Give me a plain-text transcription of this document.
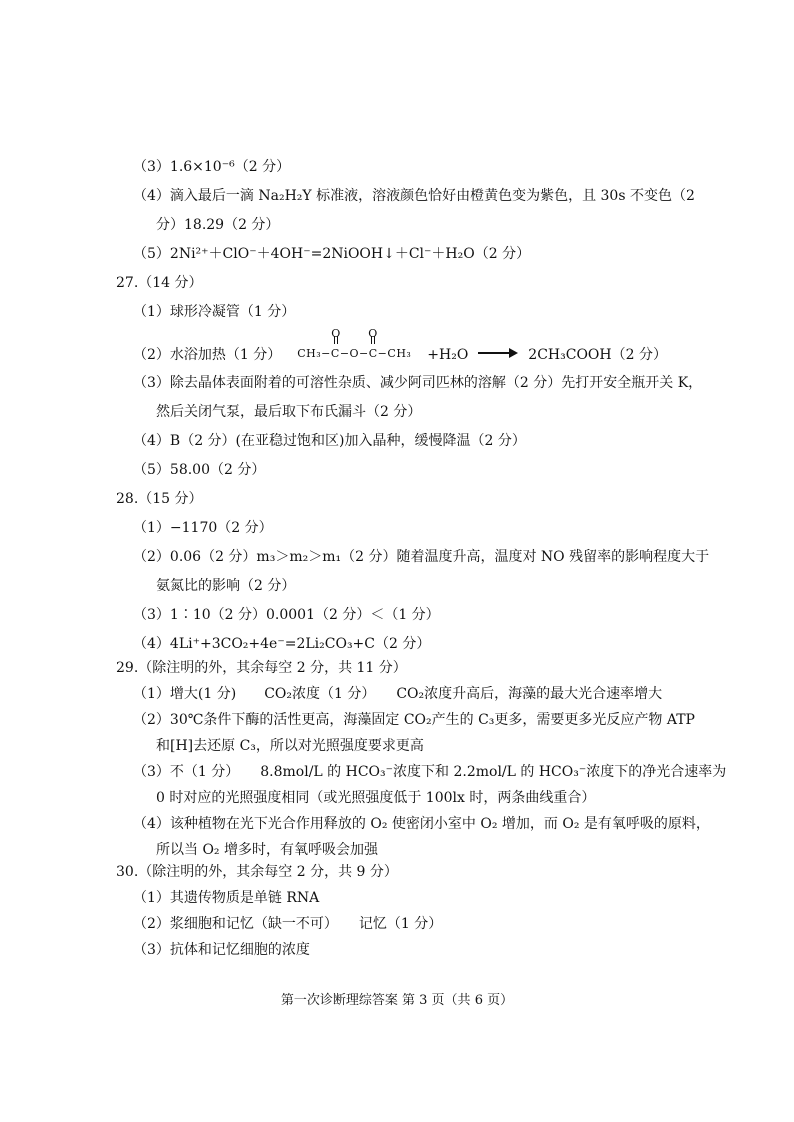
（3）1.6×10⁻⁶（2 分）
（4）滴入最后一滴 Na₂H₂Y 标准液，溶液颜色恰好由橙黄色变为紫色，且 30s 不变色（2
分）18.29（2 分）
（5）2Ni²⁺＋ClO⁻＋4OH⁻=2NiOOH↓＋Cl⁻＋H₂O（2 分）
27.（14 分）
（1）球形冷凝管（1 分）
（2）水浴加热（1 分）
O	O
CH₃−C−O−C−CH₃ +H₂O	2CH₃COOH（2 分）
（3）除去晶体表面附着的可溶性杂质、减少阿司匹林的溶解（2 分）先打开安全瓶开关 K，
然后关闭气泵，最后取下布氏漏斗（2 分）
（4）B（2 分）(在亚稳过饱和区)加入晶种，缓慢降温（2 分）
（5）58.00（2 分）
28.（15 分）
（1）−1170（2 分）
（2）0.06（2 分）m₃＞m₂＞m₁（2 分）随着温度升高，温度对 NO 残留率的影响程度大于
氨氮比的影响（2 分）
（3）1∶10（2 分）0.0001（2 分）＜（1 分）
（4）4Li⁺+3CO₂+4e⁻=2Li₂CO₃+C（2 分）
29.（除注明的外，其余每空 2 分，共 11 分）
（1）增大(1 分)　　CO₂浓度（1 分）　　CO₂浓度升高后，海藻的最大光合速率增大
（2）30℃条件下酶的活性更高，海藻固定 CO₂产生的 C₃更多，需要更多光反应产物 ATP
和[H]去还原 C₃，所以对光照强度要求更高
（3）不（1 分）　　8.8mol/L 的 HCO₃⁻浓度下和 2.2mol/L 的 HCO₃⁻浓度下的净光合速率为
0 时对应的光照强度相同（或光照强度低于 100lx 时，两条曲线重合）
（4）该种植物在光下光合作用释放的 O₂ 使密闭小室中 O₂ 增加，而 O₂ 是有氧呼吸的原料，
所以当 O₂ 增多时，有氧呼吸会加强
30.（除注明的外，其余每空 2 分，共 9 分）
（1）其遗传物质是单链 RNA
（2）浆细胞和记忆（缺一不可）　　记忆（1 分）
（3）抗体和记忆细胞的浓度
第一次诊断理综答案 第 3 页（共 6 页）
